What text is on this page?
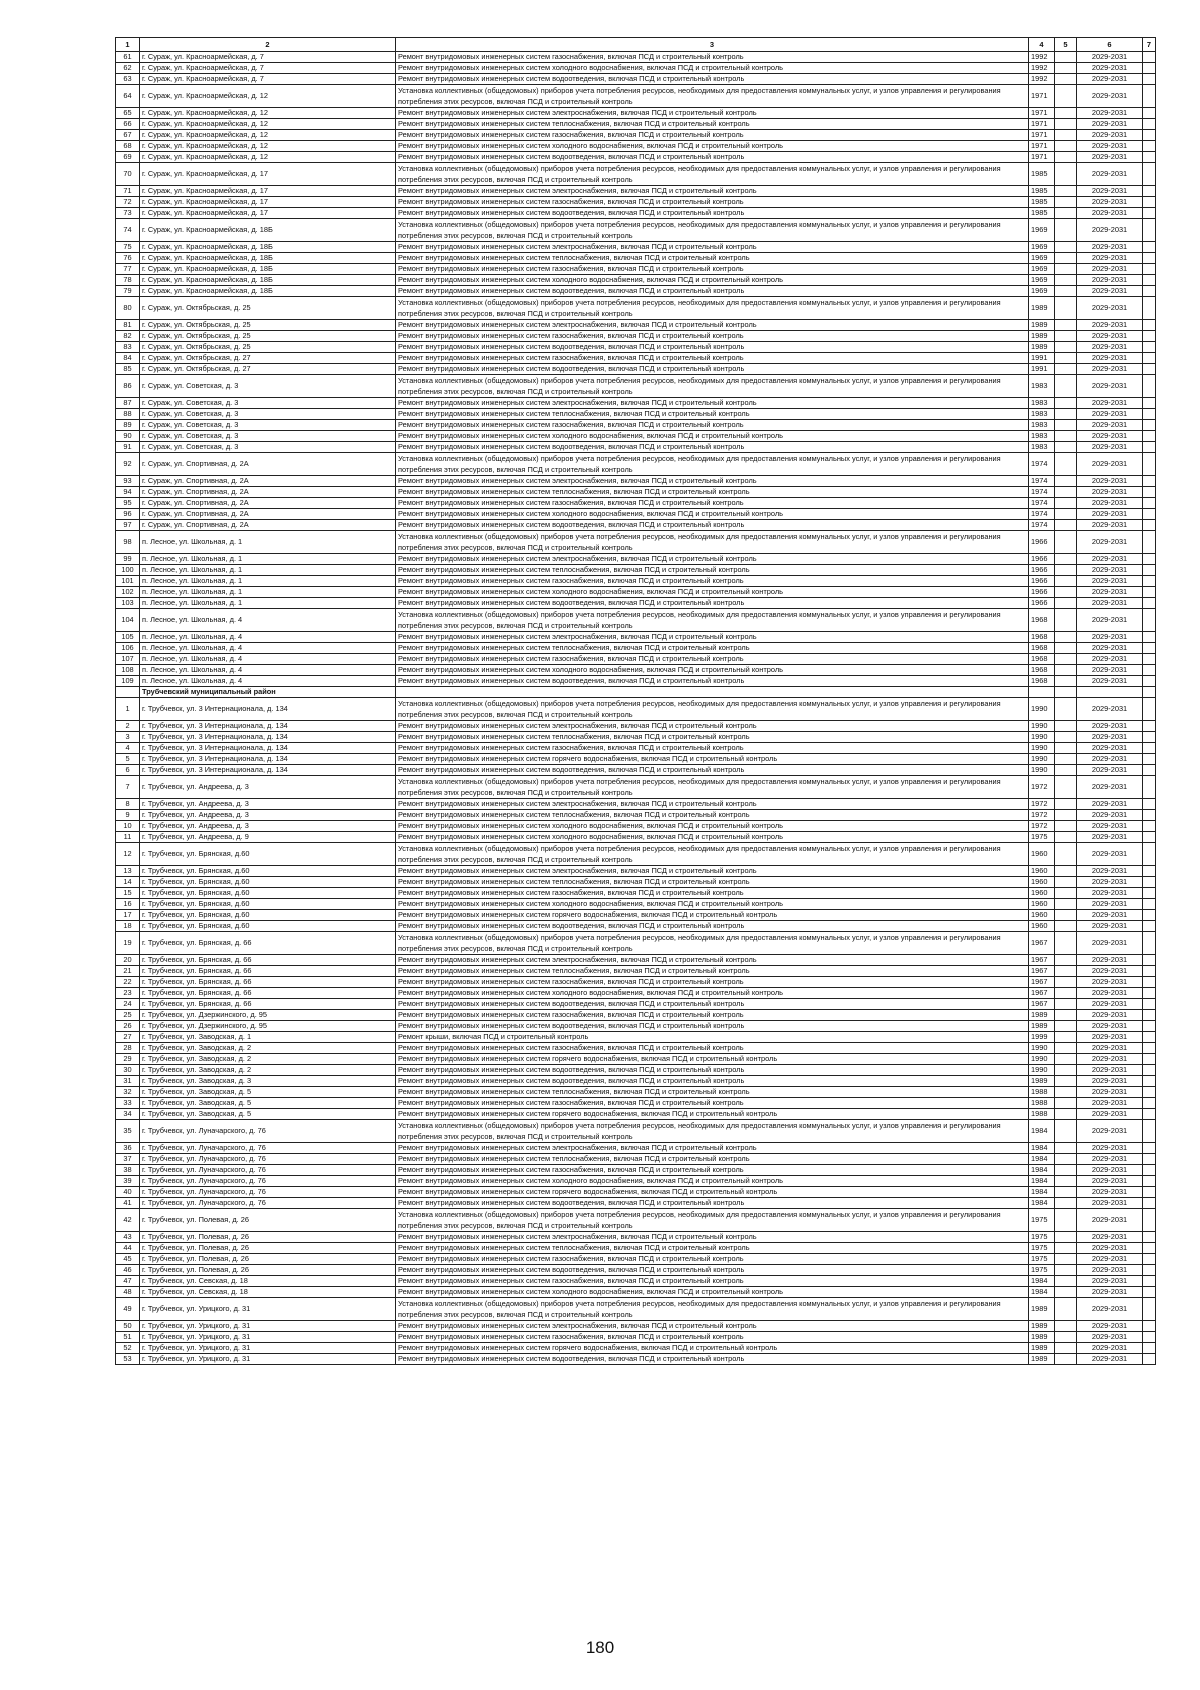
1	2	3	4	5	6	7
61	г. Сураж, ул. Красноармейская, д. 7	Ремонт внутридомовых инженерных систем газоснабжения, включая ПСД и строительный контроль	1992		2029-2031	
62	г. Сураж, ул. Красноармейская, д. 7	Ремонт внутридомовых инженерных систем холодного водоснабжения, включая ПСД и строительный контроль	1992		2029-2031	
63	г. Сураж, ул. Красноармейская, д. 7	Ремонт внутридомовых инженерных систем водоотведения, включая ПСД и строительный контроль	1992		2029-2031	
64	г. Сураж, ул. Красноармейская, д. 12	Установка коллективных (общедомовых) приборов учета потребления ресурсов, необходимых для предоставления коммунальных услуг, и узлов управления и регулирования потребления этих ресурсов, включая ПСД и строительный контроль	1971		2029-2031	
65	г. Сураж, ул. Красноармейская, д. 12	Ремонт внутридомовых инженерных систем электроснабжения, включая ПСД и строительный контроль	1971		2029-2031	
66	г. Сураж, ул. Красноармейская, д. 12	Ремонт внутридомовых инженерных систем теплоснабжения, включая ПСД и строительный контроль	1971		2029-2031	
67	г. Сураж, ул. Красноармейская, д. 12	Ремонт внутридомовых инженерных систем газоснабжения, включая ПСД и строительный контроль	1971		2029-2031	
68	г. Сураж, ул. Красноармейская, д. 12	Ремонт внутридомовых инженерных систем холодного водоснабжения, включая ПСД и строительный контроль	1971		2029-2031	
69	г. Сураж, ул. Красноармейская, д. 12	Ремонт внутридомовых инженерных систем водоотведения, включая ПСД и строительный контроль	1971		2029-2031	
70	г. Сураж, ул. Красноармейская, д. 17	Установка коллективных (общедомовых) приборов учета потребления ресурсов, необходимых для предоставления коммунальных услуг, и узлов управления и регулирования потребления этих ресурсов, включая ПСД и строительный контроль	1985		2029-2031	
71	г. Сураж, ул. Красноармейская, д. 17	Ремонт внутридомовых инженерных систем электроснабжения, включая ПСД и строительный контроль	1985		2029-2031	
72	г. Сураж, ул. Красноармейская, д. 17	Ремонт внутридомовых инженерных систем газоснабжения, включая ПСД и строительный контроль	1985		2029-2031	
73	г. Сураж, ул. Красноармейская, д. 17	Ремонт внутридомовых инженерных систем водоотведения, включая ПСД и строительный контроль	1985		2029-2031	
74	г. Сураж, ул. Красноармейская, д. 18Б	Установка коллективных (общедомовых) приборов учета потребления ресурсов, необходимых для предоставления коммунальных услуг, и узлов управления и регулирования потребления этих ресурсов, включая ПСД и строительный контроль	1969		2029-2031	
75	г. Сураж, ул. Красноармейская, д. 18Б	Ремонт внутридомовых инженерных систем электроснабжения, включая ПСД и строительный контроль	1969		2029-2031	
76	г. Сураж, ул. Красноармейская, д. 18Б	Ремонт внутридомовых инженерных систем теплоснабжения, включая ПСД и строительный контроль	1969		2029-2031	
77	г. Сураж, ул. Красноармейская, д. 18Б	Ремонт внутридомовых инженерных систем газоснабжения, включая ПСД и строительный контроль	1969		2029-2031	
78	г. Сураж, ул. Красноармейская, д. 18Б	Ремонт внутридомовых инженерных систем холодного водоснабжения, включая ПСД и строительный контроль	1969		2029-2031	
79	г. Сураж, ул. Красноармейская, д. 18Б	Ремонт внутридомовых инженерных систем водоотведения, включая ПСД и строительный контроль	1969		2029-2031	
80	г. Сураж, ул. Октябрьская, д. 25	Установка коллективных (общедомовых) приборов учета потребления ресурсов, необходимых для предоставления коммунальных услуг, и узлов управления и регулирования потребления этих ресурсов, включая ПСД и строительный контроль	1989		2029-2031	
81	г. Сураж, ул. Октябрьская, д. 25	Ремонт внутридомовых инженерных систем электроснабжения, включая ПСД и строительный контроль	1989		2029-2031	
82	г. Сураж, ул. Октябрьская, д. 25	Ремонт внутридомовых инженерных систем газоснабжения, включая ПСД и строительный контроль	1989		2029-2031	
83	г. Сураж, ул. Октябрьская, д. 25	Ремонт внутридомовых инженерных систем водоотведения, включая ПСД и строительный контроль	1989		2029-2031	
84	г. Сураж, ул. Октябрьская, д. 27	Ремонт внутридомовых инженерных систем газоснабжения, включая ПСД и строительный контроль	1991		2029-2031	
85	г. Сураж, ул. Октябрьская, д. 27	Ремонт внутридомовых инженерных систем водоотведения, включая ПСД и строительный контроль	1991		2029-2031	
86	г. Сураж, ул. Советская, д. 3	Установка коллективных (общедомовых) приборов учета потребления ресурсов, необходимых для предоставления коммунальных услуг, и узлов управления и регулирования потребления этих ресурсов, включая ПСД и строительный контроль	1983		2029-2031	
87	г. Сураж, ул. Советская, д. 3	Ремонт внутридомовых инженерных систем электроснабжения, включая ПСД и строительный контроль	1983		2029-2031	
88	г. Сураж, ул. Советская, д. 3	Ремонт внутридомовых инженерных систем теплоснабжения, включая ПСД и строительный контроль	1983		2029-2031	
89	г. Сураж, ул. Советская, д. 3	Ремонт внутридомовых инженерных систем газоснабжения, включая ПСД и строительный контроль	1983		2029-2031	
90	г. Сураж, ул. Советская, д. 3	Ремонт внутридомовых инженерных систем холодного водоснабжения, включая ПСД и строительный контроль	1983		2029-2031	
91	г. Сураж, ул. Советская, д. 3	Ремонт внутридомовых инженерных систем водоотведения, включая ПСД и строительный контроль	1983		2029-2031	
92	г. Сураж, ул. Спортивная, д. 2А	Установка коллективных (общедомовых) приборов учета потребления ресурсов, необходимых для предоставления коммунальных услуг, и узлов управления и регулирования потребления этих ресурсов, включая ПСД и строительный контроль	1974		2029-2031	
93	г. Сураж, ул. Спортивная, д. 2А	Ремонт внутридомовых инженерных систем электроснабжения, включая ПСД и строительный контроль	1974		2029-2031	
94	г. Сураж, ул. Спортивная, д. 2А	Ремонт внутридомовых инженерных систем теплоснабжения, включая ПСД и строительный контроль	1974		2029-2031	
95	г. Сураж, ул. Спортивная, д. 2А	Ремонт внутридомовых инженерных систем газоснабжения, включая ПСД и строительный контроль	1974		2029-2031	
96	г. Сураж, ул. Спортивная, д. 2А	Ремонт внутридомовых инженерных систем холодного водоснабжения, включая ПСД и строительный контроль	1974		2029-2031	
97	г. Сураж, ул. Спортивная, д. 2А	Ремонт внутридомовых инженерных систем водоотведения, включая ПСД и строительный контроль	1974		2029-2031	
98	п. Лесное, ул. Школьная, д. 1	Установка коллективных (общедомовых) приборов учета потребления ресурсов, необходимых для предоставления коммунальных услуг, и узлов управления и регулирования потребления этих ресурсов, включая ПСД и строительный контроль	1966		2029-2031	
99	п. Лесное, ул. Школьная, д. 1	Ремонт внутридомовых инженерных систем электроснабжения, включая ПСД и строительный контроль	1966		2029-2031	
100	п. Лесное, ул. Школьная, д. 1	Ремонт внутридомовых инженерных систем теплоснабжения, включая ПСД и строительный контроль	1966		2029-2031	
101	п. Лесное, ул. Школьная, д. 1	Ремонт внутридомовых инженерных систем газоснабжения, включая ПСД и строительный контроль	1966		2029-2031	
102	п. Лесное, ул. Школьная, д. 1	Ремонт внутридомовых инженерных систем холодного водоснабжения, включая ПСД и строительный контроль	1966		2029-2031	
103	п. Лесное, ул. Школьная, д. 1	Ремонт внутридомовых инженерных систем водоотведения, включая ПСД и строительный контроль	1966		2029-2031	
104	п. Лесное, ул. Школьная, д. 4	Установка коллективных (общедомовых) приборов учета потребления ресурсов, необходимых для предоставления коммунальных услуг, и узлов управления и регулирования потребления этих ресурсов, включая ПСД и строительный контроль	1968		2029-2031	
105	п. Лесное, ул. Школьная, д. 4	Ремонт внутридомовых инженерных систем электроснабжения, включая ПСД и строительный контроль	1968		2029-2031	
106	п. Лесное, ул. Школьная, д. 4	Ремонт внутридомовых инженерных систем теплоснабжения, включая ПСД и строительный контроль	1968		2029-2031	
107	п. Лесное, ул. Школьная, д. 4	Ремонт внутридомовых инженерных систем газоснабжения, включая ПСД и строительный контроль	1968		2029-2031	
108	п. Лесное, ул. Школьная, д. 4	Ремонт внутридомовых инженерных систем холодного водоснабжения, включая ПСД и строительный контроль	1968		2029-2031	
109	п. Лесное, ул. Школьная, д. 4	Ремонт внутридомовых инженерных систем водоотведения, включая ПСД и строительный контроль	1968		2029-2031	
	Трубчевский муниципальный район					
1	г. Трубчевск, ул. 3 Интернационала, д. 134	Установка коллективных (общедомовых) приборов учета потребления ресурсов, необходимых для предоставления коммунальных услуг, и узлов управления и регулирования потребления этих ресурсов, включая ПСД и строительный контроль	1990		2029-2031	
2	г. Трубчевск, ул. 3 Интернационала, д. 134	Ремонт внутридомовых инженерных систем электроснабжения, включая ПСД и строительный контроль	1990		2029-2031	
3	г. Трубчевск, ул. 3 Интернационала, д. 134	Ремонт внутридомовых инженерных систем теплоснабжения, включая ПСД и строительный контроль	1990		2029-2031	
4	г. Трубчевск, ул. 3 Интернационала, д. 134	Ремонт внутридомовых инженерных систем газоснабжения, включая ПСД и строительный контроль	1990		2029-2031	
5	г. Трубчевск, ул. 3 Интернационала, д. 134	Ремонт внутридомовых инженерных систем горячего водоснабжения, включая ПСД и строительный контроль	1990		2029-2031	
6	г. Трубчевск, ул. 3 Интернационала, д. 134	Ремонт внутридомовых инженерных систем водоотведения, включая ПСД и строительный контроль	1990		2029-2031	
7	г. Трубчевск, ул. Андреева, д. 3	Установка коллективных (общедомовых) приборов учета потребления ресурсов, необходимых для предоставления коммунальных услуг, и узлов управления и регулирования потребления этих ресурсов, включая ПСД и строительный контроль	1972		2029-2031	
8	г. Трубчевск, ул. Андреева, д. 3	Ремонт внутридомовых инженерных систем электроснабжения, включая ПСД и строительный контроль	1972		2029-2031	
9	г. Трубчевск, ул. Андреева, д. 3	Ремонт внутридомовых инженерных систем теплоснабжения, включая ПСД и строительный контроль	1972		2029-2031	
10	г. Трубчевск, ул. Андреева, д. 3	Ремонт внутридомовых инженерных систем холодного водоснабжения, включая ПСД и строительный контроль	1972		2029-2031	
11	г. Трубчевск, ул. Андреева, д. 9	Ремонт внутридомовых инженерных систем холодного водоснабжения, включая ПСД и строительный контроль	1975		2029-2031	
12	г. Трубчевск, ул. Брянская, д.60	Установка коллективных (общедомовых) приборов учета потребления ресурсов, необходимых для предоставления коммунальных услуг, и узлов управления и регулирования потребления этих ресурсов, включая ПСД и строительный контроль	1960		2029-2031	
13	г. Трубчевск, ул. Брянская, д.60	Ремонт внутридомовых инженерных систем электроснабжения, включая ПСД и строительный контроль	1960		2029-2031	
14	г. Трубчевск, ул. Брянская, д.60	Ремонт внутридомовых инженерных систем теплоснабжения, включая ПСД и строительный контроль	1960		2029-2031	
15	г. Трубчевск, ул. Брянская, д.60	Ремонт внутридомовых инженерных систем газоснабжения, включая ПСД и строительный контроль	1960		2029-2031	
16	г. Трубчевск, ул. Брянская, д.60	Ремонт внутридомовых инженерных систем холодного водоснабжения, включая ПСД и строительный контроль	1960		2029-2031	
17	г. Трубчевск, ул. Брянская, д.60	Ремонт внутридомовых инженерных систем горячего водоснабжения, включая ПСД и строительный контроль	1960		2029-2031	
18	г. Трубчевск, ул. Брянская, д.60	Ремонт внутридомовых инженерных систем водоотведения, включая ПСД и строительный контроль	1960		2029-2031	
19	г. Трубчевск, ул. Брянская, д. 66	Установка коллективных (общедомовых) приборов учета потребления ресурсов, необходимых для предоставления коммунальных услуг, и узлов управления и регулирования потребления этих ресурсов, включая ПСД и строительный контроль	1967		2029-2031	
20	г. Трубчевск, ул. Брянская, д. 66	Ремонт внутридомовых инженерных систем электроснабжения, включая ПСД и строительный контроль	1967		2029-2031	
21	г. Трубчевск, ул. Брянская, д. 66	Ремонт внутридомовых инженерных систем теплоснабжения, включая ПСД и строительный контроль	1967		2029-2031	
22	г. Трубчевск, ул. Брянская, д. 66	Ремонт внутридомовых инженерных систем газоснабжения, включая ПСД и строительный контроль	1967		2029-2031	
23	г. Трубчевск, ул. Брянская, д. 66	Ремонт внутридомовых инженерных систем холодного водоснабжения, включая ПСД и строительный контроль	1967		2029-2031	
24	г. Трубчевск, ул. Брянская, д. 66	Ремонт внутридомовых инженерных систем водоотведения, включая ПСД и строительный контроль	1967		2029-2031	
25	г. Трубчевск, ул. Дзержинского, д. 95	Ремонт внутридомовых инженерных систем газоснабжения, включая ПСД и строительный контроль	1989		2029-2031	
26	г. Трубчевск, ул. Дзержинского, д. 95	Ремонт внутридомовых инженерных систем водоотведения, включая ПСД и строительный контроль	1989		2029-2031	
27	г. Трубчевск, ул. Заводская, д. 1	Ремонт крыши, включая ПСД и строительный контроль	1999		2029-2031	
28	г. Трубчевск, ул. Заводская, д. 2	Ремонт внутридомовых инженерных систем газоснабжения, включая ПСД и строительный контроль	1990		2029-2031	
29	г. Трубчевск, ул. Заводская, д. 2	Ремонт внутридомовых инженерных систем горячего водоснабжения, включая ПСД и строительный контроль	1990		2029-2031	
30	г. Трубчевск, ул. Заводская, д. 2	Ремонт внутридомовых инженерных систем водоотведения, включая ПСД и строительный контроль	1990		2029-2031	
31	г. Трубчевск, ул. Заводская, д. 3	Ремонт внутридомовых инженерных систем водоотведения, включая ПСД и строительный контроль	1989		2029-2031	
32	г. Трубчевск, ул. Заводская, д. 5	Ремонт внутридомовых инженерных систем теплоснабжения, включая ПСД и строительный контроль	1988		2029-2031	
33	г. Трубчевск, ул. Заводская, д. 5	Ремонт внутридомовых инженерных систем газоснабжения, включая ПСД и строительный контроль	1988		2029-2031	
34	г. Трубчевск, ул. Заводская, д. 5	Ремонт внутридомовых инженерных систем горячего водоснабжения, включая ПСД и строительный контроль	1988		2029-2031	
35	г. Трубчевск, ул. Луначарского, д. 76	Установка коллективных (общедомовых) приборов учета потребления ресурсов, необходимых для предоставления коммунальных услуг, и узлов управления и регулирования потребления этих ресурсов, включая ПСД и строительный контроль	1984		2029-2031	
36	г. Трубчевск, ул. Луначарского, д. 76	Ремонт внутридомовых инженерных систем электроснабжения, включая ПСД и строительный контроль	1984		2029-2031	
37	г. Трубчевск, ул. Луначарского, д. 76	Ремонт внутридомовых инженерных систем теплоснабжения, включая ПСД и строительный контроль	1984		2029-2031	
38	г. Трубчевск, ул. Луначарского, д. 76	Ремонт внутридомовых инженерных систем газоснабжения, включая ПСД и строительный контроль	1984		2029-2031	
39	г. Трубчевск, ул. Луначарского, д. 76	Ремонт внутридомовых инженерных систем холодного водоснабжения, включая ПСД и строительный контроль	1984		2029-2031	
40	г. Трубчевск, ул. Луначарского, д. 76	Ремонт внутридомовых инженерных систем горячего водоснабжения, включая ПСД и строительный контроль	1984		2029-2031	
41	г. Трубчевск, ул. Луначарского, д. 76	Ремонт внутридомовых инженерных систем водоотведения, включая ПСД и строительный контроль	1984		2029-2031	
42	г. Трубчевск, ул. Полевая, д. 26	Установка коллективных (общедомовых) приборов учета потребления ресурсов, необходимых для предоставления коммунальных услуг, и узлов управления и регулирования потребления этих ресурсов, включая ПСД и строительный контроль	1975		2029-2031	
43	г. Трубчевск, ул. Полевая, д. 26	Ремонт внутридомовых инженерных систем электроснабжения, включая ПСД и строительный контроль	1975		2029-2031	
44	г. Трубчевск, ул. Полевая, д. 26	Ремонт внутридомовых инженерных систем теплоснабжения, включая ПСД и строительный контроль	1975		2029-2031	
45	г. Трубчевск, ул. Полевая, д. 26	Ремонт внутридомовых инженерных систем газоснабжения, включая ПСД и строительный контроль	1975		2029-2031	
46	г. Трубчевск, ул. Полевая, д. 26	Ремонт внутридомовых инженерных систем водоотведения, включая ПСД и строительный контроль	1975		2029-2031	
47	г. Трубчевск, ул. Севская, д. 18	Ремонт внутридомовых инженерных систем газоснабжения, включая ПСД и строительный контроль	1984		2029-2031	
48	г. Трубчевск, ул. Севская, д. 18	Ремонт внутридомовых инженерных систем холодного водоснабжения, включая ПСД и строительный контроль	1984		2029-2031	
49	г. Трубчевск, ул. Урицкого, д. 31	Установка коллективных (общедомовых) приборов учета потребления ресурсов, необходимых для предоставления коммунальных услуг, и узлов управления и регулирования потребления этих ресурсов, включая ПСД и строительный контроль	1989		2029-2031	
50	г. Трубчевск, ул. Урицкого, д. 31	Ремонт внутридомовых инженерных систем электроснабжения, включая ПСД и строительный контроль	1989		2029-2031	
51	г. Трубчевск, ул. Урицкого, д. 31	Ремонт внутридомовых инженерных систем газоснабжения, включая ПСД и строительный контроль	1989		2029-2031	
52	г. Трубчевск, ул. Урицкого, д. 31	Ремонт внутридомовых инженерных систем горячего водоснабжения, включая ПСД и строительный контроль	1989		2029-2031	
53	г. Трубчевск, ул. Урицкого, д. 31	Ремонт внутридомовых инженерных систем водоотведения, включая ПСД и строительный контроль	1989		2029-2031	
180
